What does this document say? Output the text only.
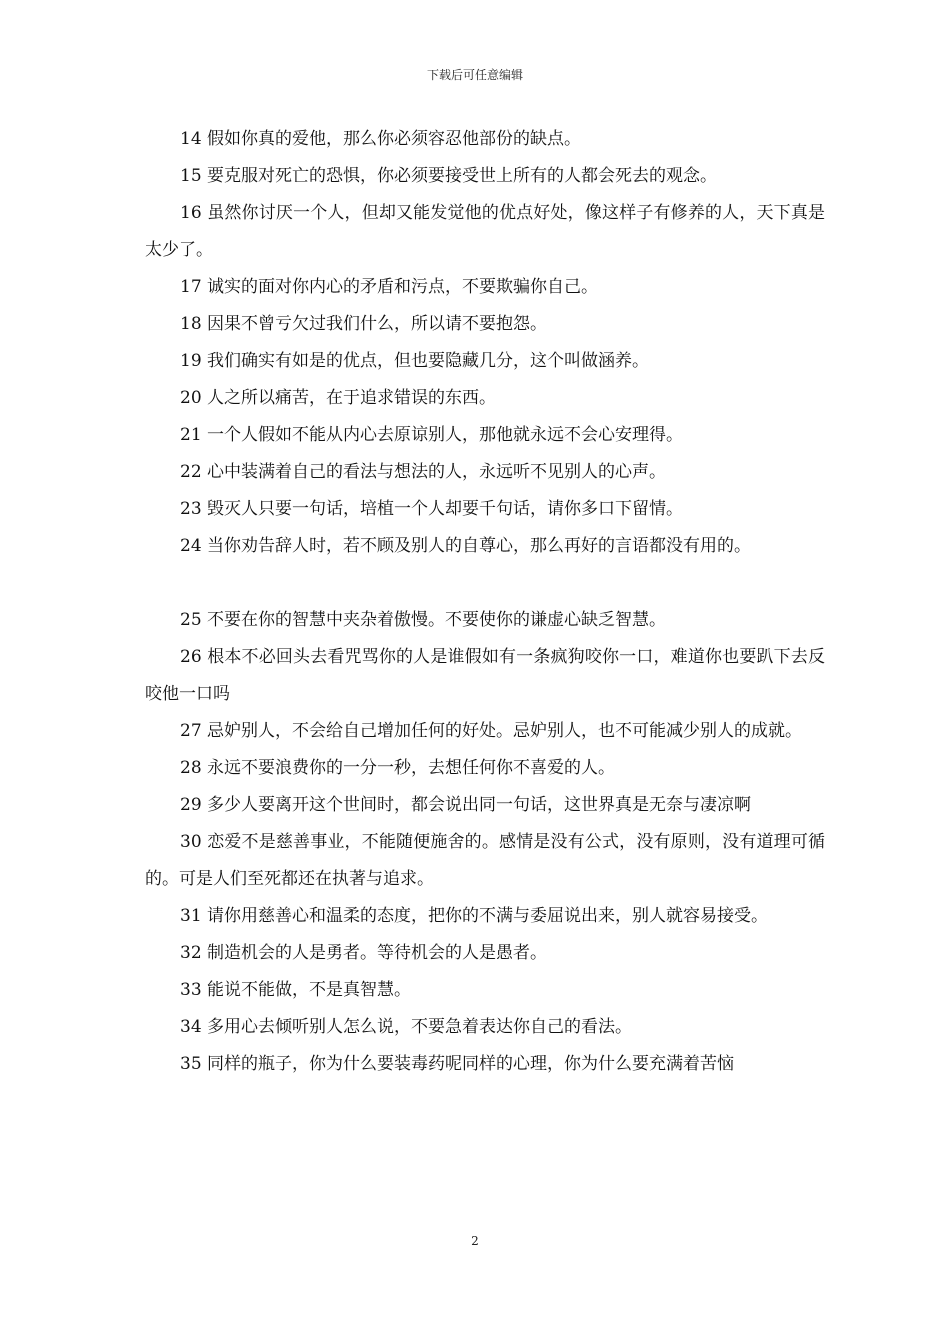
下载后可任意编辑

14 假如你真的爱他，那么你必须容忍他部份的缺点。

15 要克服对死亡的恐惧，你必须要接受世上所有的人都会死去的观念。

16 虽然你讨厌一个人，但却又能发觉他的优点好处，像这样子有修养的人，天下真是太少了。

17 诚实的面对你内心的矛盾和污点，不要欺骗你自己。

18 因果不曾亏欠过我们什么，所以请不要抱怨。

19 我们确实有如是的优点，但也要隐藏几分，这个叫做涵养。

20 人之所以痛苦，在于追求错误的东西。

21 一个人假如不能从内心去原谅别人，那他就永远不会心安理得。

22 心中装满着自己的看法与想法的人，永远听不见别人的心声。

23 毁灭人只要一句话，培植一个人却要千句话，请你多口下留情。

24 当你劝告辞人时，若不顾及别人的自尊心，那么再好的言语都没有用的。

25 不要在你的智慧中夹杂着傲慢。不要使你的谦虚心缺乏智慧。

26 根本不必回头去看咒骂你的人是谁假如有一条疯狗咬你一口，难道你也要趴下去反咬他一口吗

27 忌妒别人，不会给自己增加任何的好处。忌妒别人，也不可能减少别人的成就。

28 永远不要浪费你的一分一秒，去想任何你不喜爱的人。

29 多少人要离开这个世间时，都会说出同一句话，这世界真是无奈与凄凉啊

30 恋爱不是慈善事业，不能随便施舍的。感情是没有公式，没有原则，没有道理可循的。可是人们至死都还在执著与追求。

31 请你用慈善心和温柔的态度，把你的不满与委屈说出来，别人就容易接受。

32 制造机会的人是勇者。等待机会的人是愚者。

33 能说不能做，不是真智慧。

34 多用心去倾听别人怎么说，不要急着表达你自己的看法。

35 同样的瓶子，你为什么要装毒药呢同样的心理，你为什么要充满着苦恼

2
